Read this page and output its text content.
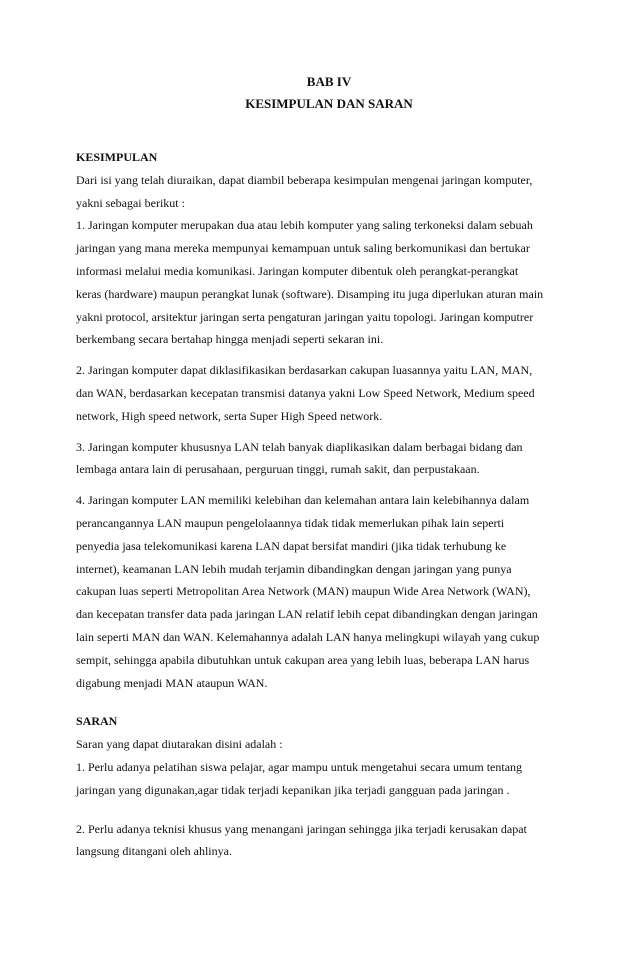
BAB IV

KESIMPULAN DAN SARAN

KESIMPULAN

Dari isi yang telah diuraikan, dapat diambil beberapa kesimpulan mengenai jaringan komputer,

yakni sebagai berikut :

1. Jaringan komputer merupakan dua atau lebih komputer yang saling terkoneksi dalam sebuah

jaringan yang mana mereka mempunyai kemampuan untuk saling berkomunikasi dan bertukar

informasi melalui media komunikasi. Jaringan komputer dibentuk oleh perangkat-perangkat

keras (hardware) maupun perangkat lunak (software). Disamping itu juga diperlukan aturan main

yakni protocol, arsitektur jaringan serta pengaturan jaringan yaitu topologi. Jaringan komputrer

berkembang secara bertahap hingga menjadi seperti sekaran ini.

2. Jaringan komputer dapat diklasifikasikan berdasarkan cakupan luasannya yaitu LAN, MAN,

dan WAN, berdasarkan kecepatan transmisi datanya yakni Low Speed Network, Medium speed

network, High speed network, serta Super High Speed network.

3. Jaringan komputer khususnya LAN telah banyak diaplikasikan dalam berbagai bidang dan

lembaga antara lain di perusahaan, perguruan tinggi, rumah sakit, dan perpustakaan.

4. Jaringan komputer LAN memiliki kelebihan dan kelemahan antara lain kelebihannya dalam

perancangannya LAN maupun pengelolaannya tidak tidak memerlukan pihak lain seperti

penyedia jasa telekomunikasi karena LAN dapat bersifat mandiri (jika tidak terhubung ke

internet), keamanan LAN lebih mudah terjamin dibandingkan dengan jaringan yang punya

cakupan luas seperti Metropolitan Area Network (MAN) maupun Wide Area Network (WAN),

dan kecepatan transfer data pada jaringan LAN relatif lebih cepat dibandingkan dengan jaringan

lain seperti MAN dan WAN. Kelemahannya adalah LAN hanya melingkupi wilayah yang cukup

sempit, sehingga apabila dibutuhkan untuk cakupan area yang lebih luas, beberapa LAN harus

digabung menjadi MAN ataupun WAN.

SARAN

Saran yang dapat diutarakan disini adalah :

1. Perlu adanya pelatihan siswa pelajar, agar mampu untuk mengetahui secara umum tentang

jaringan yang digunakan,agar tidak terjadi kepanikan jika terjadi gangguan pada jaringan .

2. Perlu adanya teknisi khusus yang menangani jaringan sehingga jika terjadi kerusakan dapat

langsung ditangani oleh ahlinya.
